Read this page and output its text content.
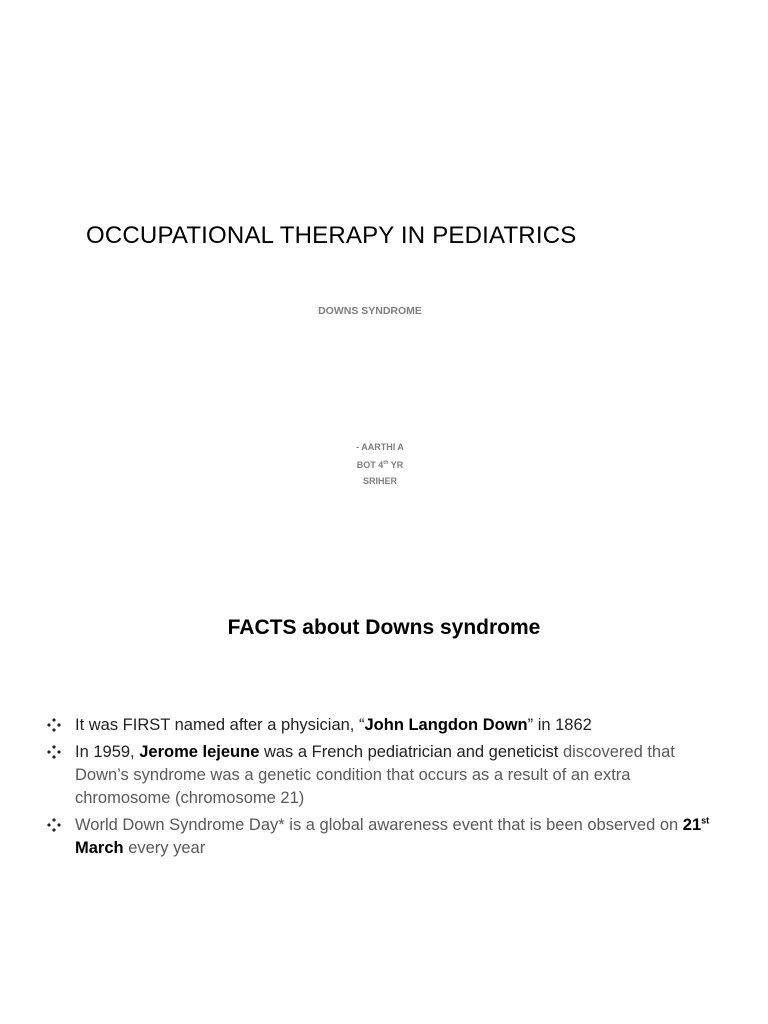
OCCUPATIONAL THERAPY IN PEDIATRICS
DOWNS SYNDROME
- AARTHI A
BOT 4th YR
SRIHER
FACTS about Downs syndrome
It was FIRST named after a physician, “John Langdon Down” in 1862
In 1959, Jerome lejeune was a French pediatrician and geneticist discovered that Down’s syndrome was a genetic condition that occurs as a result of an extra chromosome (chromosome 21)
World Down Syndrome Day* is a global awareness event that is been observed on 21st March every year
